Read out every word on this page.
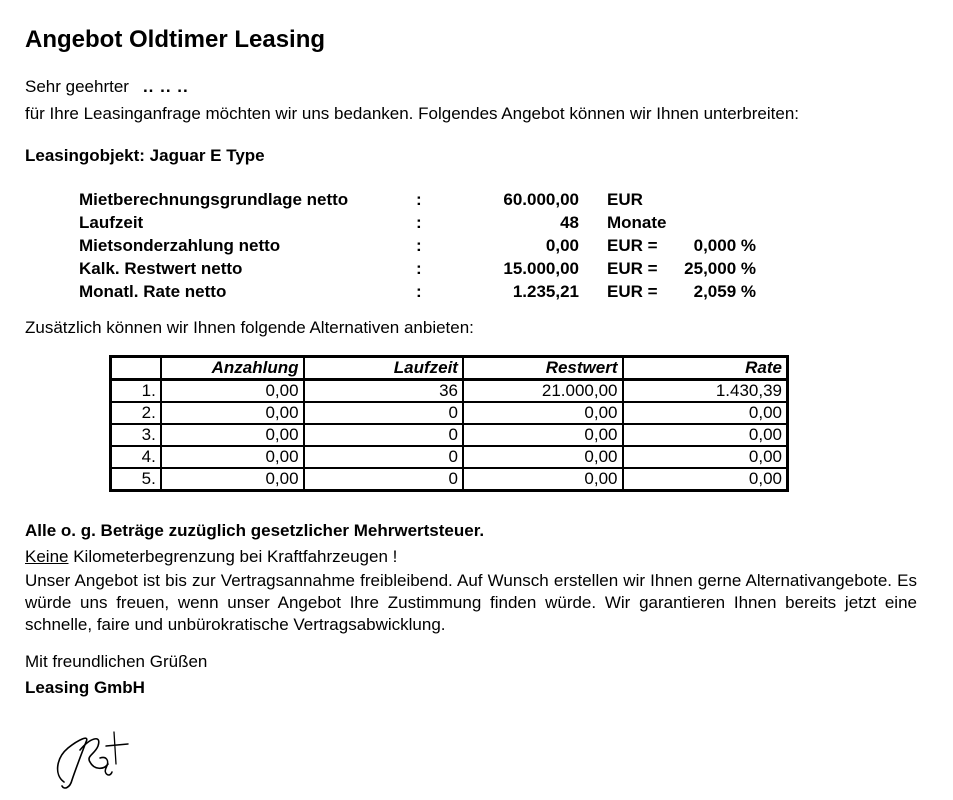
Angebot Oldtimer Leasing
Sehr geehrter .. .. ..
für Ihre Leasinganfrage möchten wir uns bedanken. Folgendes Angebot können wir Ihnen unterbreiten:
Leasingobjekt: Jaguar E Type
Mietberechnungsgrundlage netto	:	60.000,00 EUR
Laufzeit	:	48 Monate
Mietsonderzahlung netto	:	0,00 EUR = 0,000 %
Kalk. Restwert netto	:	15.000,00 EUR = 25,000 %
Monatl. Rate netto	:	1.235,21 EUR = 2,059 %
Zusätzlich können wir Ihnen folgende Alternativen anbieten:
	Anzahlung	Laufzeit	Restwert	Rate
1.	0,00	36	21.000,00	1.430,39
2.	0,00	0	0,00	0,00
3.	0,00	0	0,00	0,00
4.	0,00	0	0,00	0,00
5.	0,00	0	0,00	0,00
Alle o. g. Beträge zuzüglich gesetzlicher Mehrwertsteuer.
Keine Kilometerbegrenzung bei Kraftfahrzeugen !
Unser Angebot ist bis zur Vertragsannahme freibleibend. Auf Wunsch erstellen wir Ihnen gerne Alternativangebote. Es würde uns freuen, wenn unser Angebot Ihre Zustimmung finden würde. Wir garantieren Ihnen bereits jetzt eine schnelle, faire und unbürokratische Vertragsabwicklung.
Mit freundlichen Grüßen
Leasing GmbH
